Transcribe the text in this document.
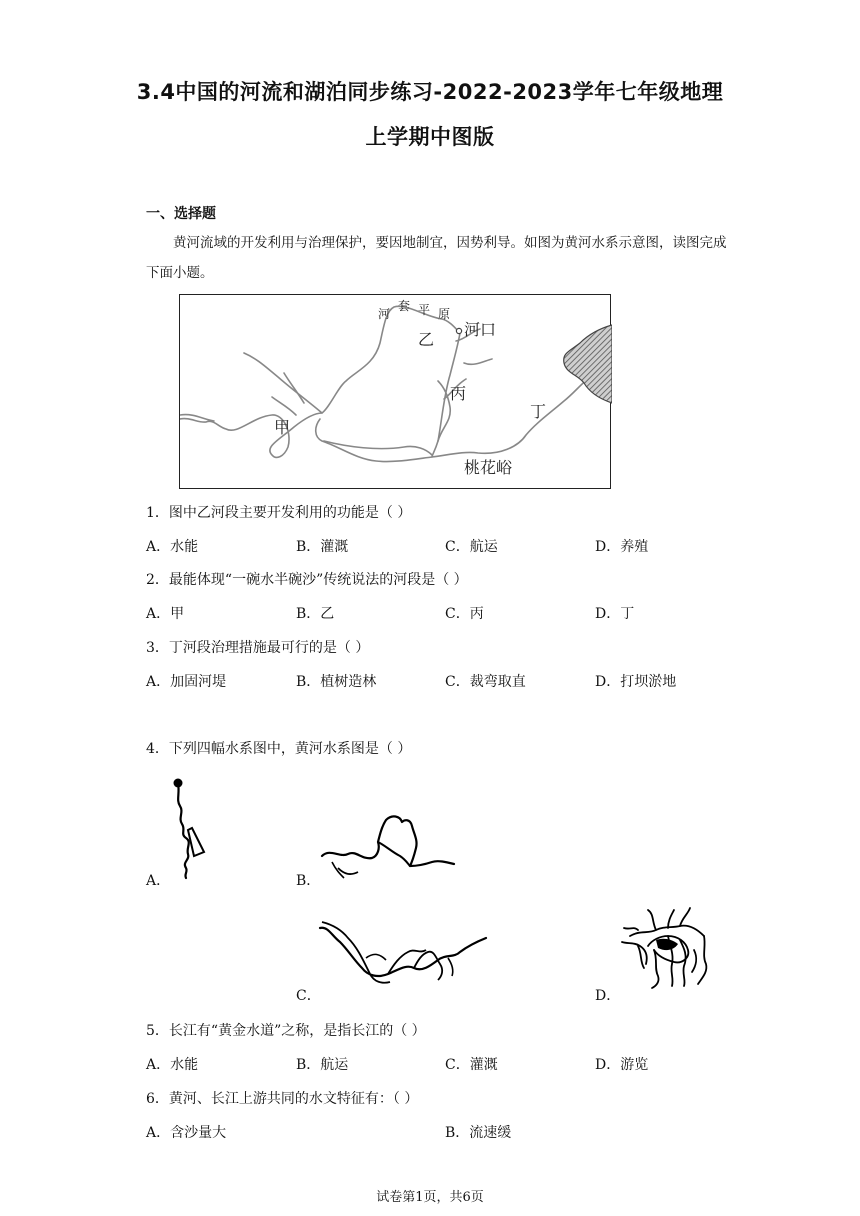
3.4中国的河流和湖泊同步练习-2022-2023学年七年级地理
上学期中图版
一、选择题
黄河流域的开发利用与治理保护，要因地制宜，因势利导。如图为黄河水系示意图，读图完成下面小题。
河
套 平 原
河口
乙
丙
丁
甲
桃花峪
1．图中乙河段主要开发利用的功能是（ ）
A．水能	B．灌溉	C．航运	D．养殖
2．最能体现“一碗水半碗沙”传统说法的河段是（ ）
A．甲	B．乙	C．丙	D．丁
3．丁河段治理措施最可行的是（ ）
A．加固河堤	B．植树造林	C．裁弯取直	D．打坝淤地
4．下列四幅水系图中，黄河水系图是（ ）
A．	B．
C．	D．
5．长江有“黄金水道”之称，是指长江的（ ）
A．水能	B．航运	C．灌溉	D．游览
6．黄河、长江上游共同的水文特征有：（ ）
A．含沙量大	B．流速缓
试卷第1页，共6页
